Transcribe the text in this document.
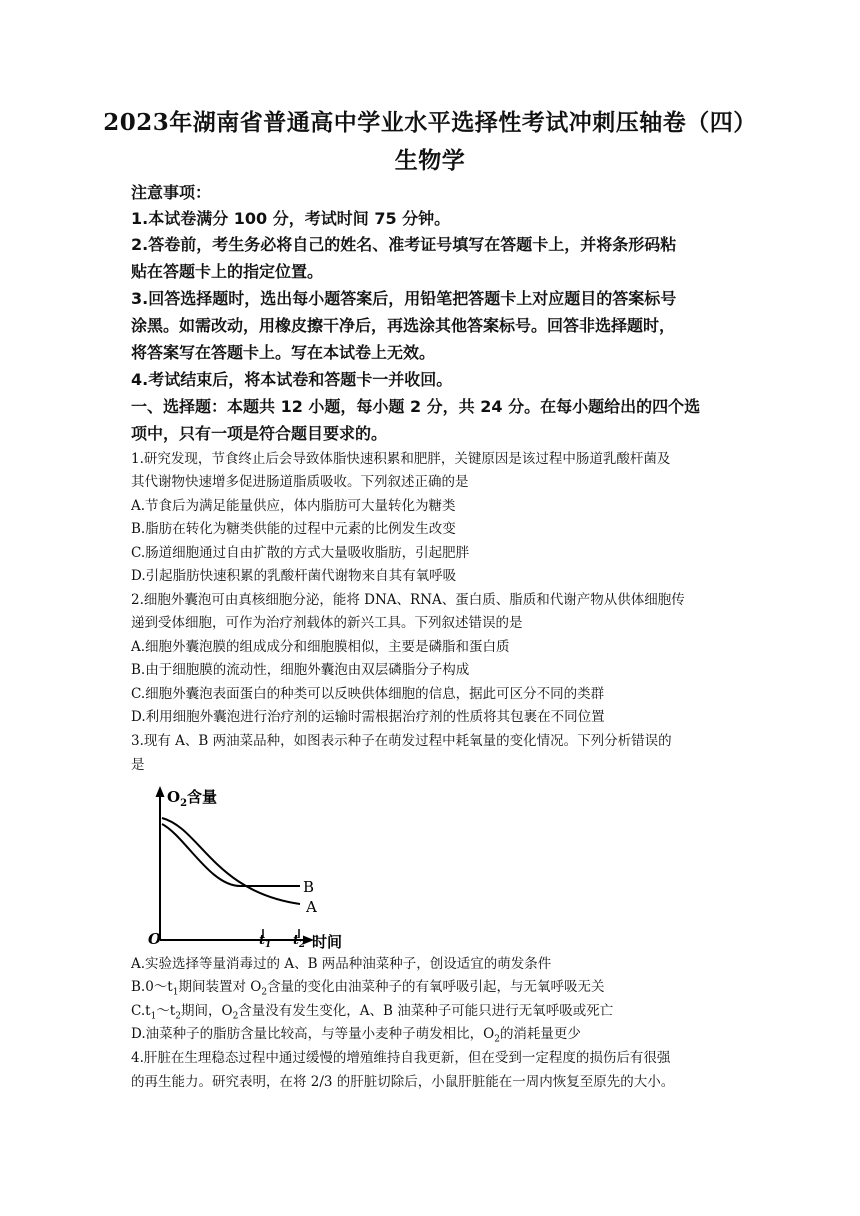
2023年湖南省普通高中学业水平选择性考试冲刺压轴卷（四）
生物学
注意事项：
1.本试卷满分 100 分，考试时间 75 分钟。
2.答卷前，考生务必将自己的姓名、准考证号填写在答题卡上，并将条形码粘
贴在答题卡上的指定位置。
3.回答选择题时，选出每小题答案后，用铅笔把答题卡上对应题目的答案标号
涂黑。如需改动，用橡皮擦干净后，再选涂其他答案标号。回答非选择题时，
将答案写在答题卡上。写在本试卷上无效。
4.考试结束后，将本试卷和答题卡一并收回。
一、选择题：本题共 12 小题，每小题 2 分，共 24 分。在每小题给出的四个选
项中，只有一项是符合题目要求的。
1.研究发现，节食终止后会导致体脂快速积累和肥胖，关键原因是该过程中肠道乳酸杆菌及
其代谢物快速增多促进肠道脂质吸收。下列叙述正确的是
A.节食后为满足能量供应，体内脂肪可大量转化为糖类
B.脂肪在转化为糖类供能的过程中元素的比例发生改变
C.肠道细胞通过自由扩散的方式大量吸收脂肪，引起肥胖
D.引起脂肪快速积累的乳酸杆菌代谢物来自其有氧呼吸
2.细胞外囊泡可由真核细胞分泌，能将 DNA、RNA、蛋白质、脂质和代谢产物从供体细胞传
递到受体细胞，可作为治疗剂载体的新兴工具。下列叙述错误的是
A.细胞外囊泡膜的组成成分和细胞膜相似，主要是磷脂和蛋白质
B.由于细胞膜的流动性，细胞外囊泡由双层磷脂分子构成
C.细胞外囊泡表面蛋白的种类可以反映供体细胞的信息，据此可区分不同的类群
D.利用细胞外囊泡进行治疗剂的运输时需根据治疗剂的性质将其包裹在不同位置
3.现有 A、B 两油菜品种，如图表示种子在萌发过程中耗氧量的变化情况。下列分析错误的
是
$O_2$含量
B
A
O	$t_1$ $t_2$ 时间
A.实验选择等量消毒过的 A、B 两品种油菜种子，创设适宜的萌发条件
$B.0\sim t_1$期间装置对 $O_2$含量的变化由油菜种子的有氧呼吸引起，与无氧呼吸无关
$C.t_1\sim t_2$期间，$O_2$含量没有发生变化，A、B 油菜种子可能只进行无氧呼吸或死亡
D.油菜种子的脂肪含量比较高，与等量小麦种子萌发相比，$O_2$的消耗量更少
4.肝脏在生理稳态过程中通过缓慢的增殖维持自我更新，但在受到一定程度的损伤后有很强
的再生能力。研究表明，在将 2/3 的肝脏切除后，小鼠肝脏能在一周内恢复至原先的大小。
